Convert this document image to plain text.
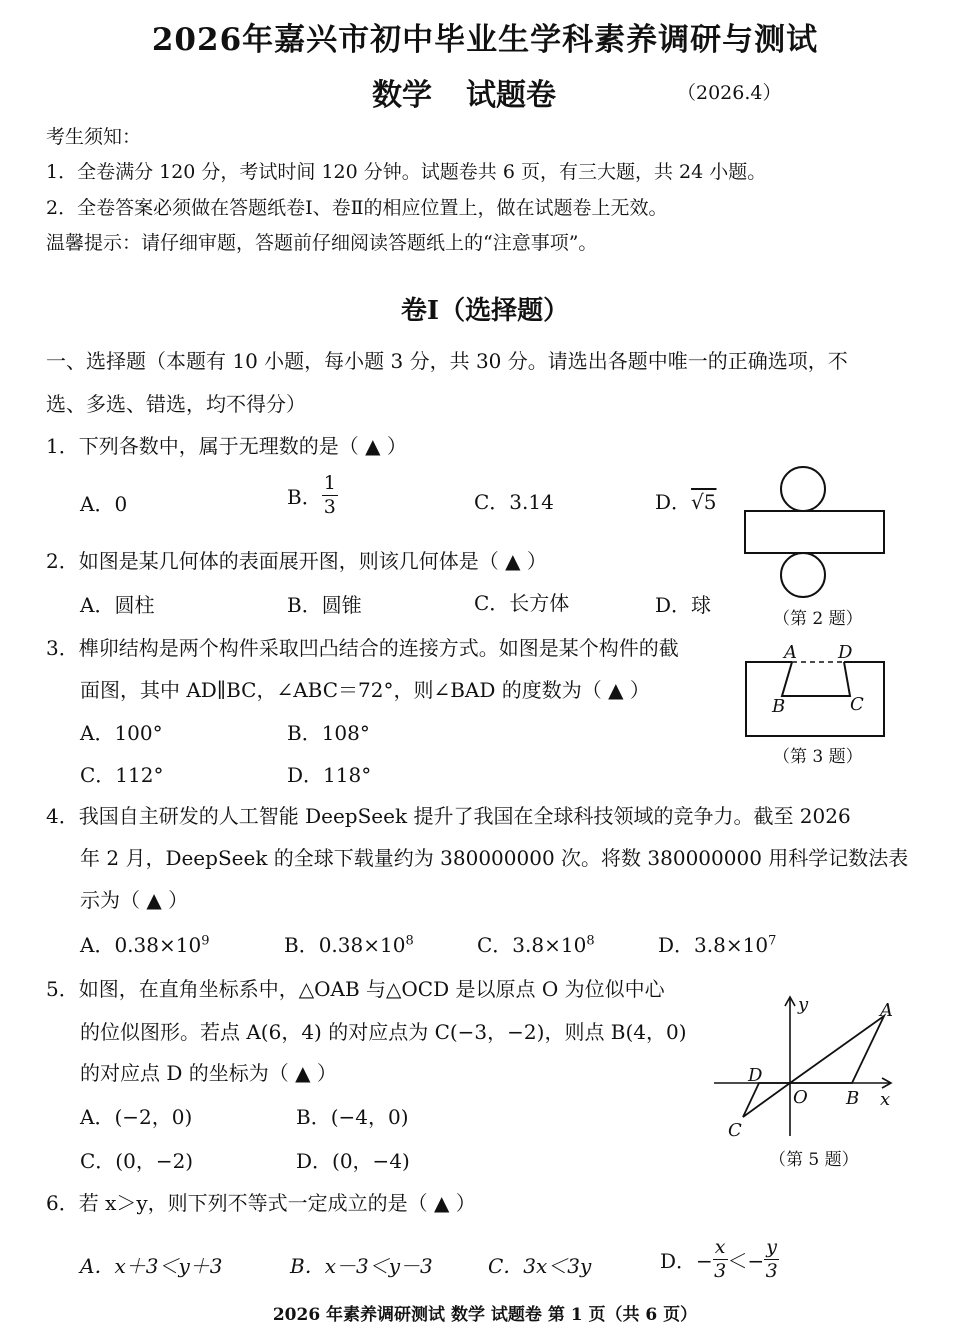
2026年嘉兴市初中毕业生学科素养调研与测试
数学 试题卷	（2026.4）
考生须知：
1．全卷满分 120 分，考试时间 120 分钟。试题卷共 6 页，有三大题，共 24 小题。
2．全卷答案必须做在答题纸卷Ⅰ、卷Ⅱ的相应位置上，做在试题卷上无效。
温馨提示：请仔细审题，答题前仔细阅读答题纸上的“注意事项”。
卷Ⅰ（选择题）
一、选择题（本题有 10 小题，每小题 3 分，共 30 分。请选出各题中唯一的正确选项，不
选、多选、错选，均不得分）
1．下列各数中，属于无理数的是（ ▲ ）
A．0	B． $\frac{1}{3}$	C．3.14	D．√5
（第 2 题）
2．如图是某几何体的表面展开图，则该几何体是（ ▲ ）
A．圆柱	B．圆锥	C．长方体	D．球
3．榫卯结构是两个构件采取凹凸结合的连接方式。如图是某个构件的截
面图，其中 AD∥BC，∠ABC＝72°，则∠BAD 的度数为（ ▲ ）
A．100°	B．108°
C．112°	D．118°
A D
B	C
（第 3 题）
4．我国自主研发的人工智能 DeepSeek 提升了我国在全球科技领域的竞争力。截至 2026
年 2 月，DeepSeek 的全球下载量约为 380000000 次。将数 380000000 用科学记数法表
示为（ ▲ ）
A．$0.38\times 10^9$	B．$0.38\times 10^8$	C．$3.8\times 10^8$	D．$3.8\times 10^7$
5．如图，在直角坐标系中，△OAB 与△OCD 是以原点 O 为位似中心
的位似图形。若点 A(6，4) 的对应点为 C(−3，−2)，则点 B(4，0)
的对应点 D 的坐标为（ ▲ ）
A．(−2，0)	B．(−4，0)
C．(0，−2)	D．(0，−4)
y
x
A
B
O
D
C
（第 5 题）
6．若 x＞y，则下列不等式一定成立的是（ ▲ ）
A．x＋3＜y＋3	B．x－3＜y－3	C．3x＜3y	D．− $\frac{x}{3} <- \frac{y}{3}$
2026 年素养调研测试 数学 试题卷 第 1 页（共 6 页）
